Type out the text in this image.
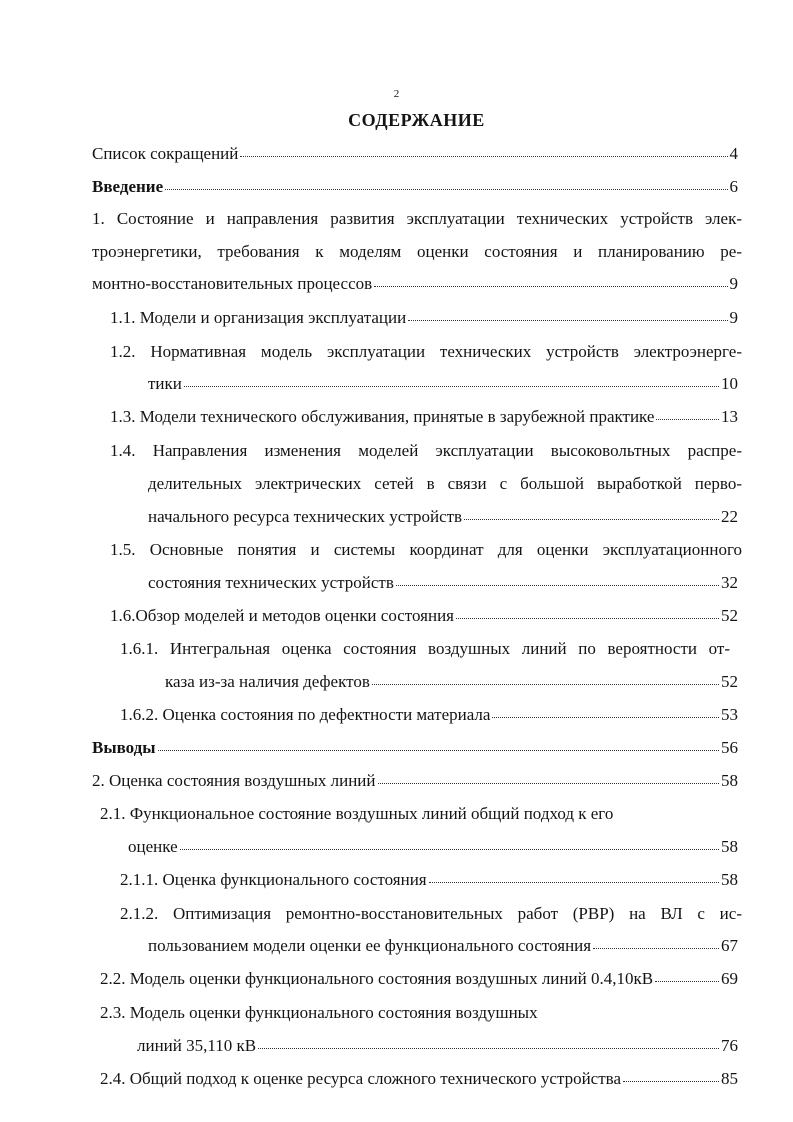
2
СОДЕРЖАНИЕ
Список сокращений	4
Введение	6
1. Состояние и направления развития эксплуатации технических устройств элек-
троэнергетики, требования к моделям оценки состояния и планированию ре-
монтно-восстановительных процессов	9
1.1. Модели и организация эксплуатации	9
1.2. Нормативная модель эксплуатации технических устройств электроэнерге-
тики	10
1.3. Модели технического обслуживания, принятые в зарубежной практике	13
1.4. Направления изменения моделей эксплуатации высоковольтных распре-
делительных электрических сетей в связи с большой выработкой перво-
начального ресурса технических устройств	22
1.5. Основные понятия и системы координат для оценки эксплуатационного
состояния технических устройств	32
1.6.Обзор моделей и методов оценки состояния	52
1.6.1. Интегральная оценка состояния воздушных линий по вероятности от-
каза из-за наличия дефектов	52
1.6.2. Оценка состояния по дефектности материала	53
Выводы	56
2. Оценка состояния воздушных линий	58
2.1. Функциональное состояние воздушных линий общий подход к его
оценке	58
2.1.1. Оценка функционального состояния	58
2.1.2. Оптимизация ремонтно-восстановительных работ (РВР) на ВЛ с ис-
пользованием модели оценки ее функционального состояния	67
2.2. Модель оценки функционального состояния воздушных линий 0.4,10кВ	69
2.3. Модель оценки функционального состояния воздушных
линий 35,110 кВ	76
2.4. Общий подход к оценке ресурса сложного технического устройства	85
